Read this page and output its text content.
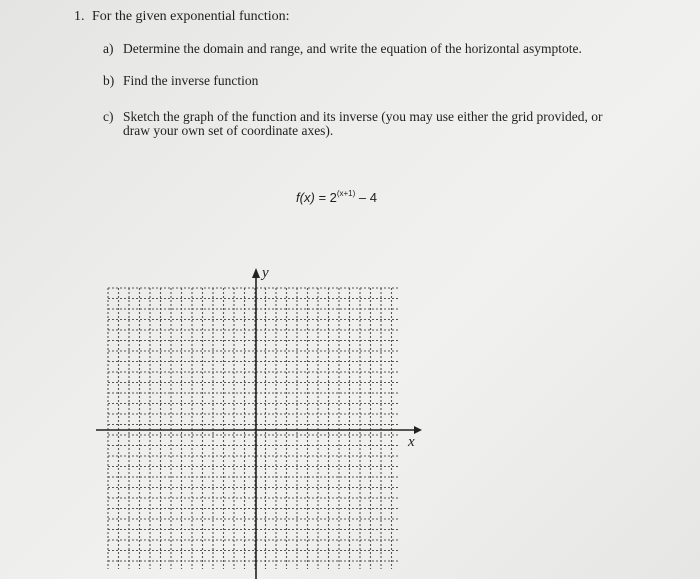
1. For the given exponential function:
a) Determine the domain and range, and write the equation of the horizontal asymptote.
b) Find the inverse function
c) Sketch the graph of the function and its inverse (you may use either the grid provided, or
draw your own set of coordinate axes).
$f(x) = 2^{(x+1)} - 4$
x
y
